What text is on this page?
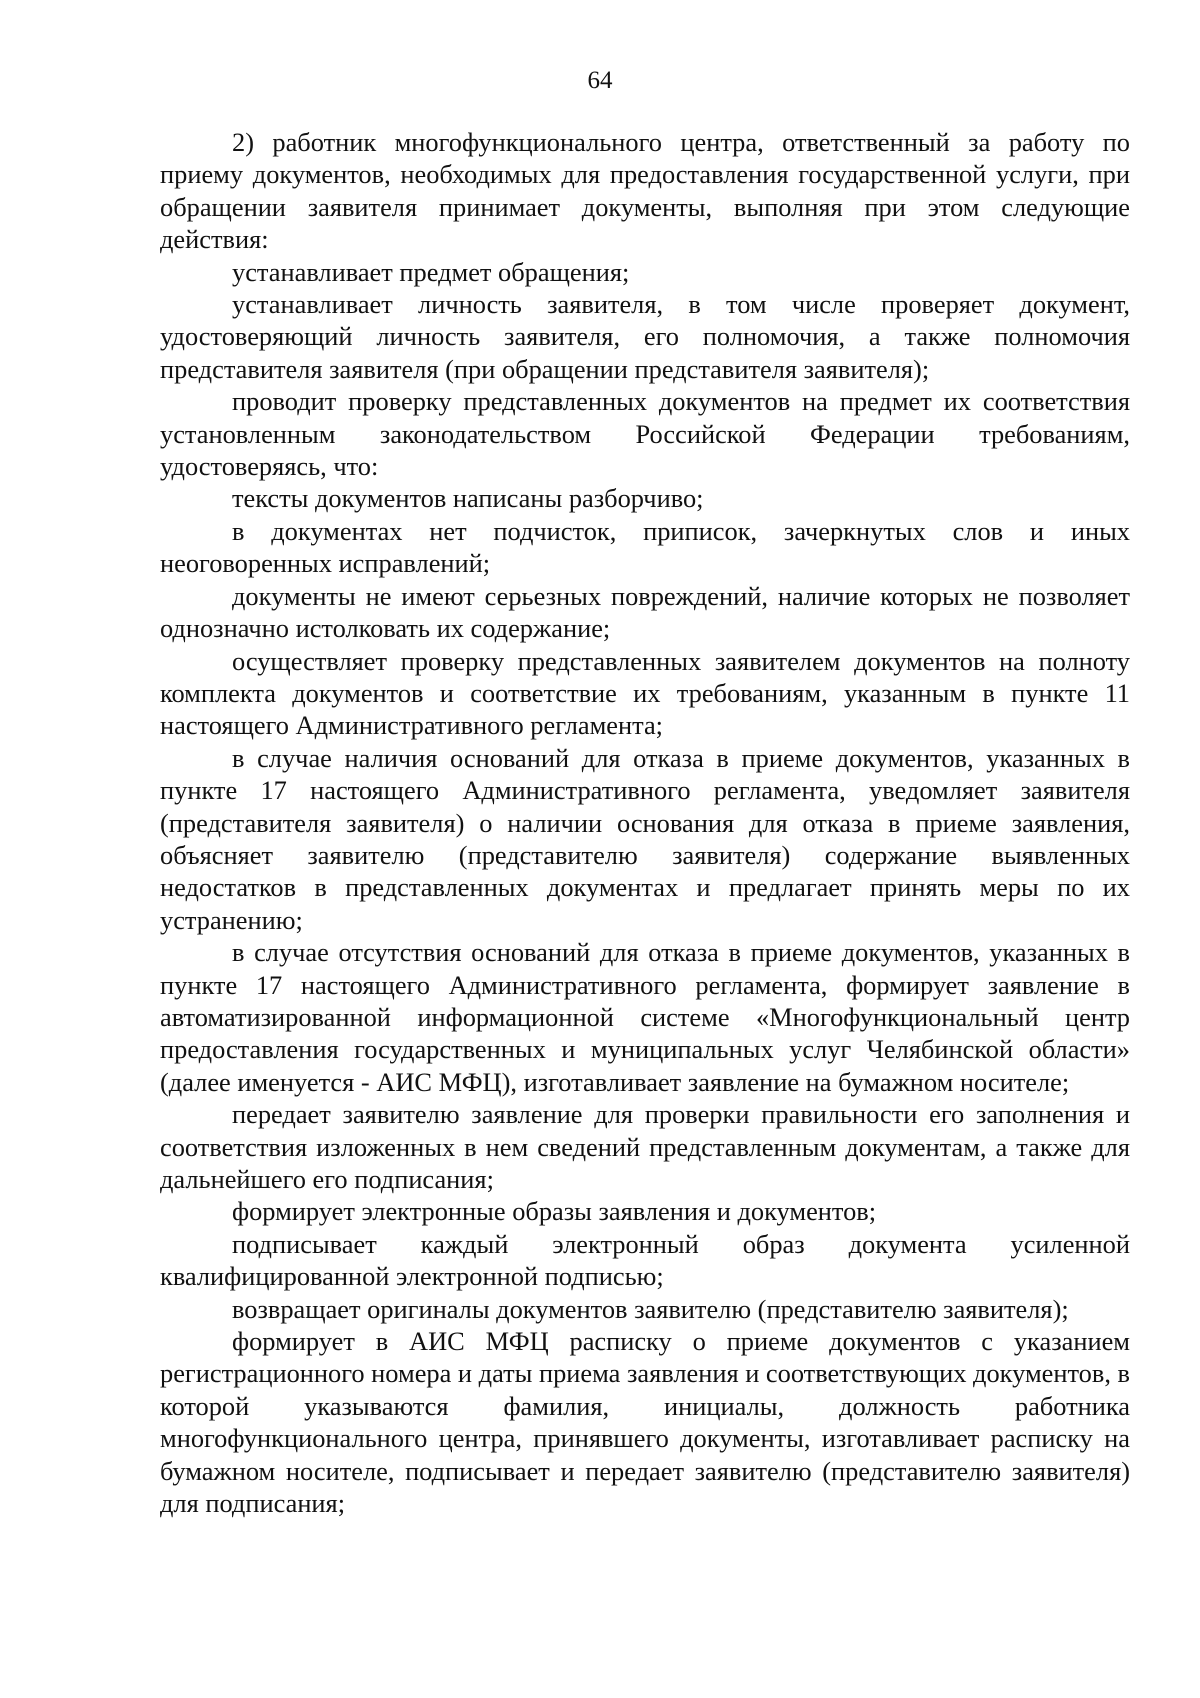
64

2) работник многофункционального центра, ответственный за работу по приему документов, необходимых для предоставления государственной услуги, при обращении заявителя принимает документы, выполняя при этом следующие действия:

устанавливает предмет обращения;

устанавливает личность заявителя, в том числе проверяет документ, удостоверяющий личность заявителя, его полномочия, а также полномочия представителя заявителя (при обращении представителя заявителя);

проводит проверку представленных документов на предмет их соответствия установленным законодательством Российской Федерации требованиям, удостоверяясь, что:

тексты документов написаны разборчиво;

в документах нет подчисток, приписок, зачеркнутых слов и иных неоговоренных исправлений;

документы не имеют серьезных повреждений, наличие которых не позволяет однозначно истолковать их содержание;

осуществляет проверку представленных заявителем документов на полноту комплекта документов и соответствие их требованиям, указанным в пункте 11 настоящего Административного регламента;

в случае наличия оснований для отказа в приеме документов, указанных в пункте 17 настоящего Административного регламента, уведомляет заявителя (представителя заявителя) о наличии основания для отказа в приеме заявления, объясняет заявителю (представителю заявителя) содержание выявленных недостатков в представленных документах и предлагает принять меры по их устранению;

в случае отсутствия оснований для отказа в приеме документов, указанных в пункте 17 настоящего Административного регламента, формирует заявление в автоматизированной информационной системе «Многофункциональный центр предоставления государственных и муниципальных услуг Челябинской области» (далее именуется - АИС МФЦ), изготавливает заявление на бумажном носителе;

передает заявителю заявление для проверки правильности его заполнения и соответствия изложенных в нем сведений представленным документам, а также для дальнейшего его подписания;

формирует электронные образы заявления и документов;

подписывает каждый электронный образ документа усиленной квалифицированной электронной подписью;

возвращает оригиналы документов заявителю (представителю заявителя);

формирует в АИС МФЦ расписку о приеме документов с указанием регистрационного номера и даты приема заявления и соответствующих документов, в которой указываются фамилия, инициалы, должность работника многофункционального центра, принявшего документы, изготавливает расписку на бумажном носителе, подписывает и передает заявителю (представителю заявителя) для подписания;
